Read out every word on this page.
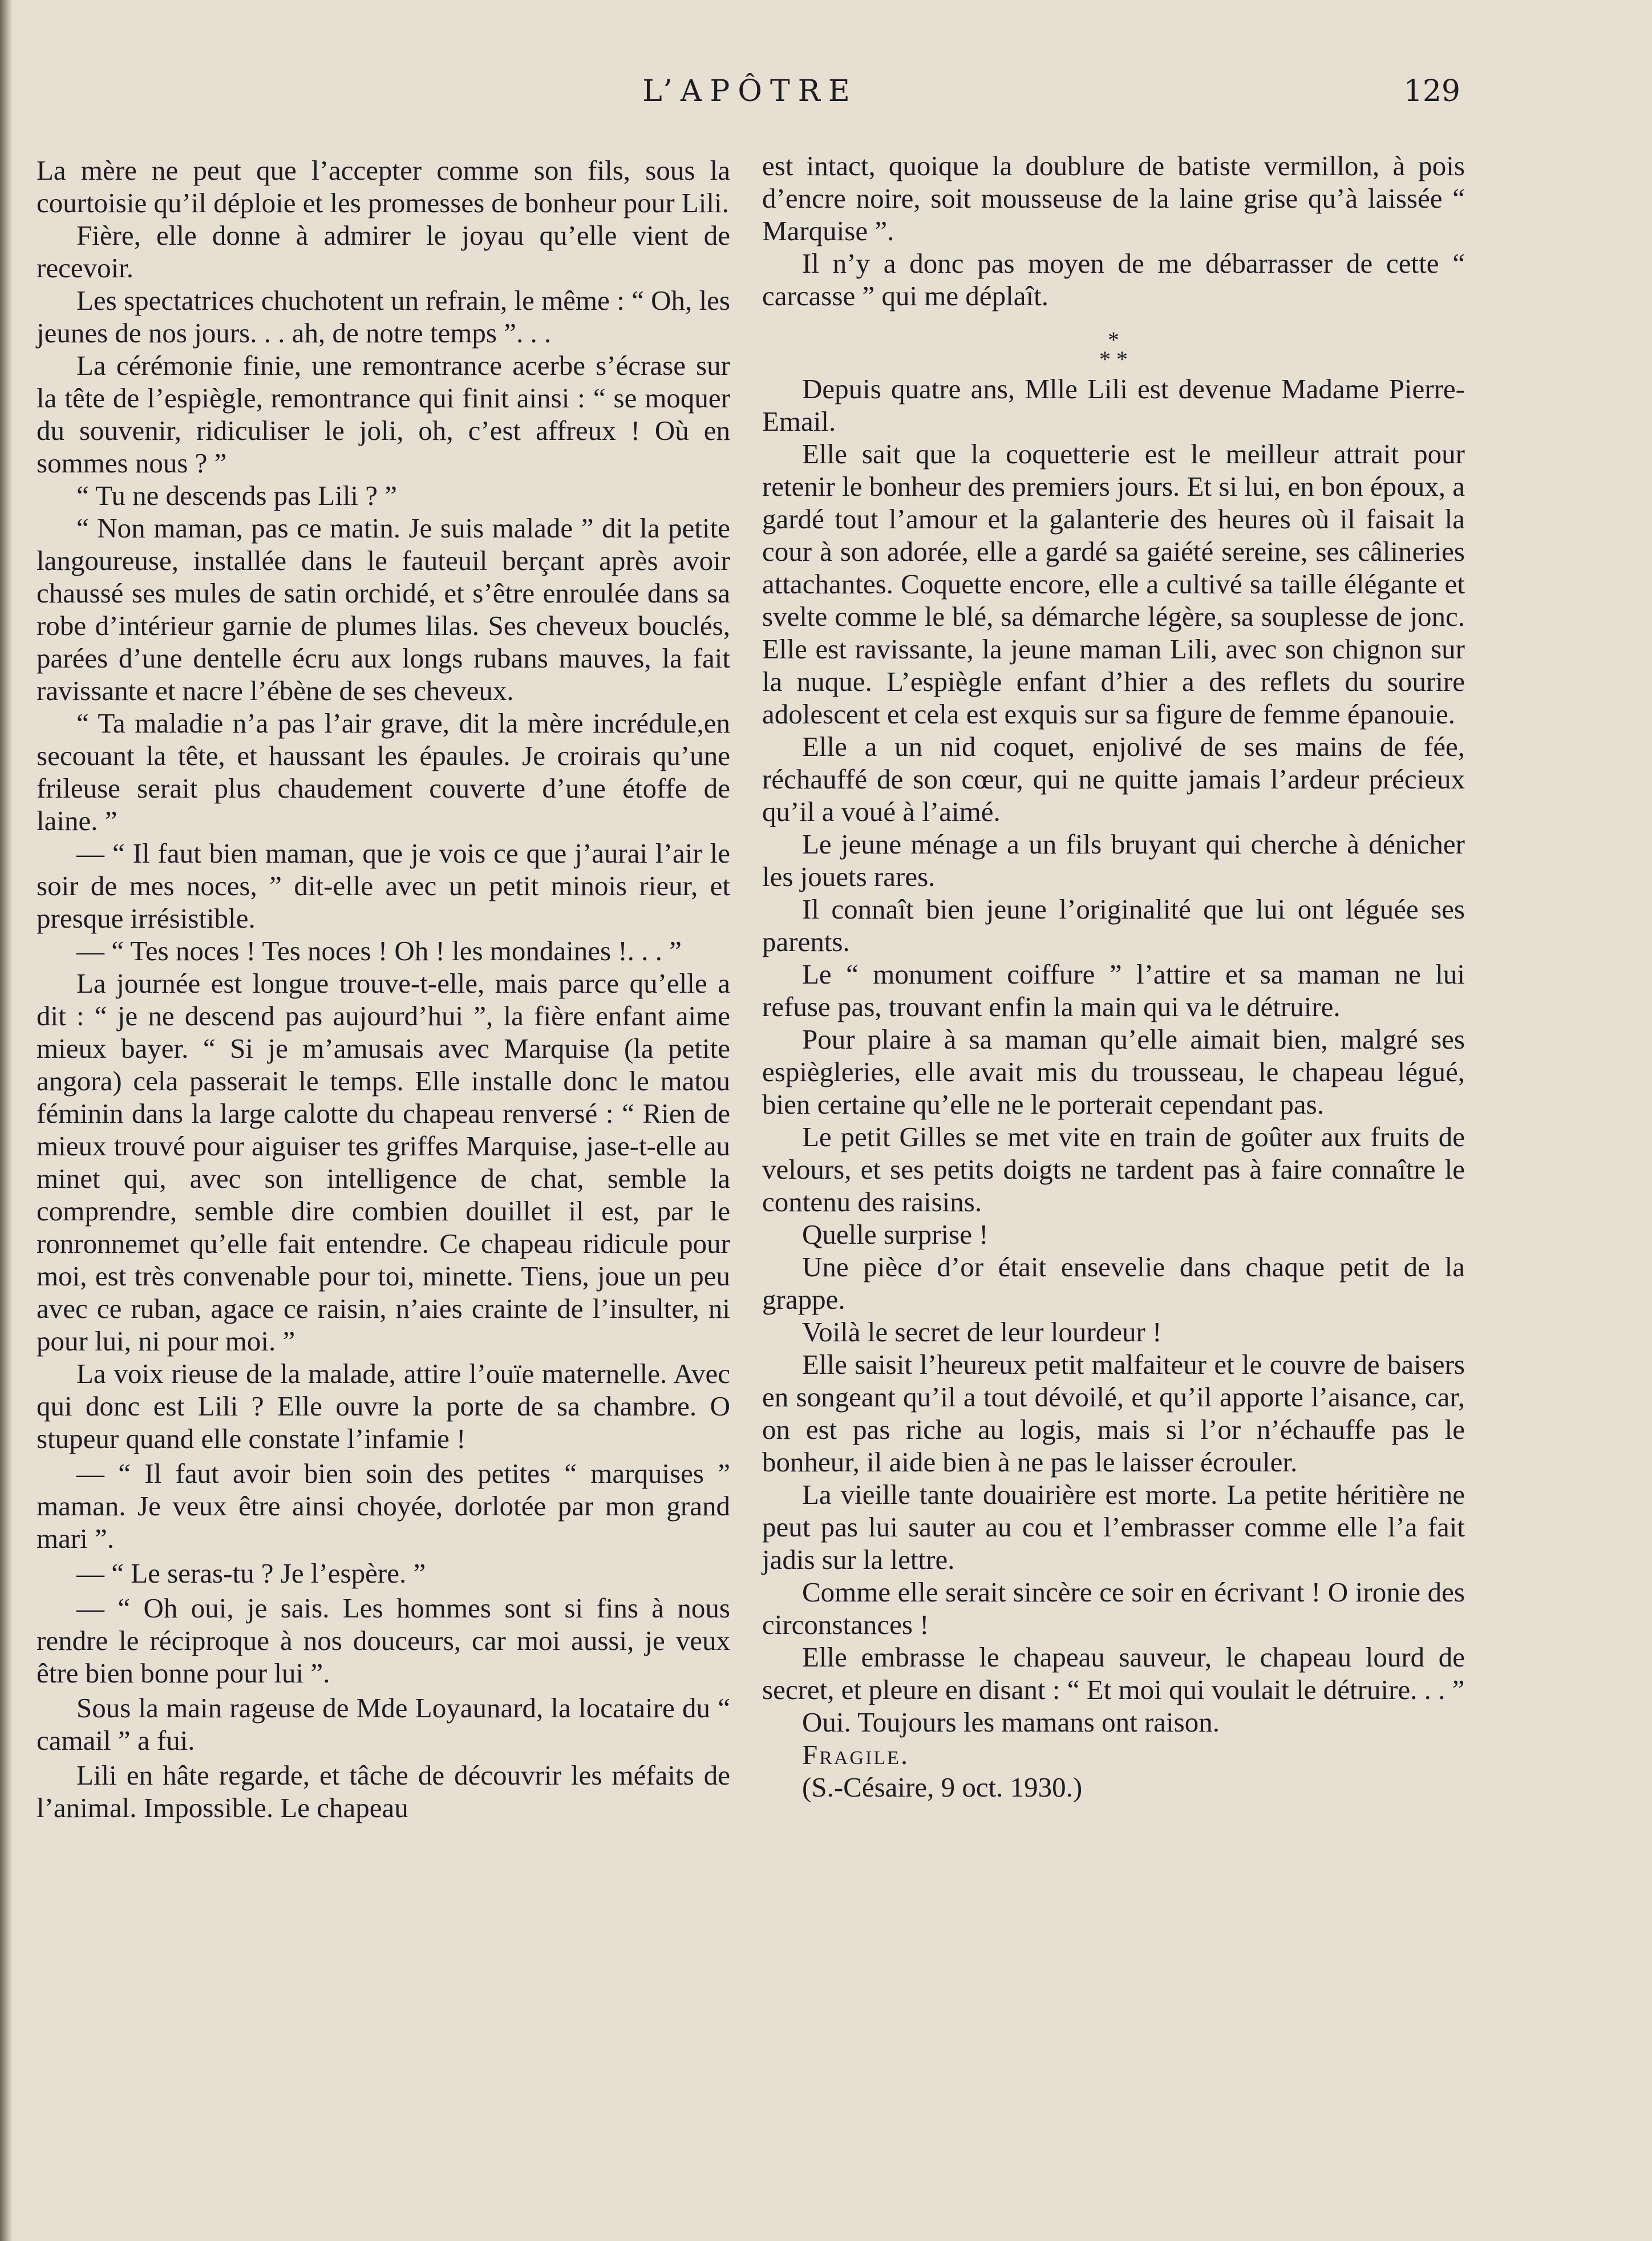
L’APÔTRE	129

La mère ne peut que l’accepter comme son fils, sous la courtoisie qu’il déploie et les promesses de bonheur pour Lili.

Fière, elle donne à admirer le joyau qu’elle vient de recevoir.

Les spectatrices chuchotent un refrain, le même : “ Oh, les jeunes de nos jours. . . ah, de notre temps ”. . .

La cérémonie finie, une remontrance acerbe s’écrase sur la tête de l’espiègle, remontrance qui finit ainsi : “ se moquer du souvenir, ridiculiser le joli, oh, c’est affreux ! Où en sommes nous ? ”

“ Tu ne descends pas Lili ? ”

“ Non maman, pas ce matin. Je suis malade ” dit la petite langoureuse, installée dans le fauteuil berçant après avoir chaussé ses mules de satin orchidé, et s’être enroulée dans sa robe d’intérieur garnie de plumes lilas. Ses cheveux bouclés, parées d’une dentelle écru aux longs rubans mauves, la fait ravissante et nacre l’ébène de ses cheveux.

“ Ta maladie n’a pas l’air grave, dit la mère incrédule,en secouant la tête, et haussant les épaules. Je croirais qu’une frileuse serait plus chaudement couverte d’une étoffe de laine. ”

— “ Il faut bien maman, que je vois ce que j’aurai l’air le soir de mes noces, ” dit-elle avec un petit minois rieur, et presque irrésistible.

— “ Tes noces ! Tes noces ! Oh ! les mondaines !. . . ”

La journée est longue trouve-t-elle, mais parce qu’elle a dit : “ je ne descend pas aujourd’hui ”, la fière enfant aime mieux bayer. “ Si je m’amusais avec Marquise (la petite angora) cela passerait le temps. Elle installe donc le matou féminin dans la large calotte du chapeau renversé : “ Rien de mieux trouvé pour aiguiser tes griffes Marquise, jase-t-elle au minet qui, avec son intelligence de chat, semble la comprendre, semble dire combien douillet il est, par le ronronnemet qu’elle fait entendre. Ce chapeau ridicule pour moi, est très convenable pour toi, minette. Tiens, joue un peu avec ce ruban, agace ce raisin, n’aies crainte de l’insulter, ni pour lui, ni pour moi. ”

La voix rieuse de la malade, attire l’ouïe maternelle. Avec qui donc est Lili ? Elle ouvre la porte de sa chambre. O stupeur quand elle constate l’infamie !

— “ Il faut avoir bien soin des petites “ marquises ” maman. Je veux être ainsi choyée, dorlotée par mon grand mari ”.

— “ Le seras-tu ? Je l’espère. ”

— “ Oh oui, je sais. Les hommes sont si fins à nous rendre le réciproque à nos douceurs, car moi aussi, je veux être bien bonne pour lui ”.

Sous la main rageuse de Mde Loyaunard, la locataire du “ camail ” a fui.

Lili en hâte regarde, et tâche de découvrir les méfaits de l’animal. Impossible. Le chapeau

est intact, quoique la doublure de batiste vermillon, à pois d’encre noire, soit mousseuse de la laine grise qu’à laissée “ Marquise ”.

Il n’y a donc pas moyen de me débarrasser de cette “ carcasse ” qui me déplaît.

*
* *

Depuis quatre ans, Mlle Lili est devenue Madame Pierre-Email.

Elle sait que la coquetterie est le meilleur attrait pour retenir le bonheur des premiers jours. Et si lui, en bon époux, a gardé tout l’amour et la galanterie des heures où il faisait la cour à son adorée, elle a gardé sa gaiété sereine, ses câlineries attachantes. Coquette encore, elle a cultivé sa taille élégante et svelte comme le blé, sa démarche légère, sa souplesse de jonc. Elle est ravissante, la jeune maman Lili, avec son chignon sur la nuque. L’espiègle enfant d’hier a des reflets du sourire adolescent et cela est exquis sur sa figure de femme épanouie.

Elle a un nid coquet, enjolivé de ses mains de fée, réchauffé de son cœur, qui ne quitte jamais l’ardeur précieux qu’il a voué à l’aimé.

Le jeune ménage a un fils bruyant qui cherche à dénicher les jouets rares.

Il connaît bien jeune l’originalité que lui ont léguée ses parents.

Le “ monument coiffure ” l’attire et sa maman ne lui refuse pas, trouvant enfin la main qui va le détruire.

Pour plaire à sa maman qu’elle aimait bien, malgré ses espiègleries, elle avait mis du trousseau, le chapeau légué, bien certaine qu’elle ne le porterait cependant pas.

Le petit Gilles se met vite en train de goûter aux fruits de velours, et ses petits doigts ne tardent pas à faire connaître le contenu des raisins.

Quelle surprise !

Une pièce d’or était ensevelie dans chaque petit de la grappe.

Voilà le secret de leur lourdeur !

Elle saisit l’heureux petit malfaiteur et le couvre de baisers en songeant qu’il a tout dévoilé, et qu’il apporte l’aisance, car, on est pas riche au logis, mais si l’or n’échauffe pas le bonheur, il aide bien à ne pas le laisser écrouler.

La vieille tante douairière est morte. La petite héritière ne peut pas lui sauter au cou et l’embrasser comme elle l’a fait jadis sur la lettre.

Comme elle serait sincère ce soir en écrivant ! O ironie des circonstances !

Elle embrasse le chapeau sauveur, le chapeau lourd de secret, et pleure en disant : “ Et moi qui voulait le détruire. . . ”

Oui. Toujours les mamans ont raison.

Fragile.

(S.-Césaire, 9 oct. 1930.)
